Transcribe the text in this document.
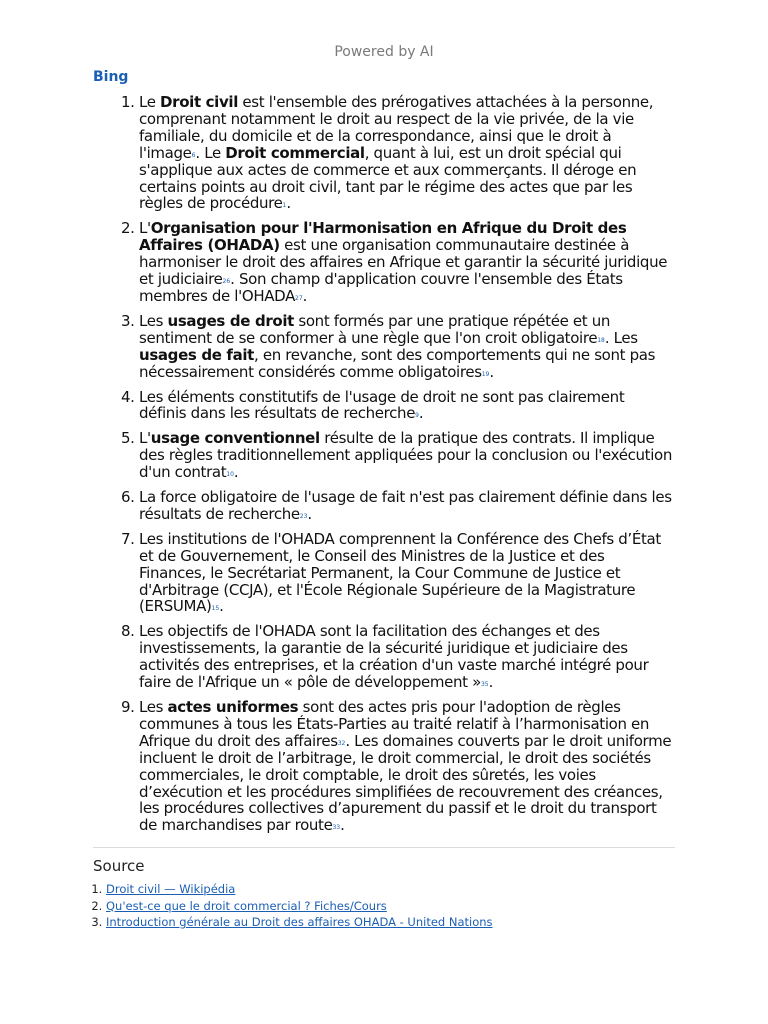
Powered by AI
Bing
1. Le Droit civil est l'ensemble des prérogatives attachées à la personne, comprenant notamment le droit au respect de la vie privée, de la vie familiale, du domicile et de la correspondance, ainsi que le droit à l'image$^6$. Le Droit commercial, quant à lui, est un droit spécial qui s'applique aux actes de commerce et aux commerçants. Il déroge en certains points au droit civil, tant par le régime des actes que par les règles de procédure$^1$.
2. L'Organisation pour l'Harmonisation en Afrique du Droit des Affaires (OHADA) est une organisation communautaire destinée à harmoniser le droit des affaires en Afrique et garantir la sécurité juridique et judiciaire$^{26}$. Son champ d'application couvre l'ensemble des États membres de l'OHADA$^{27}$.
3. Les usages de droit sont formés par une pratique répétée et un sentiment de se conformer à une règle que l'on croit obligatoire$^{18}$. Les usages de fait, en revanche, sont des comportements qui ne sont pas nécessairement considérés comme obligatoires$^{19}$.
4. Les éléments constitutifs de l'usage de droit ne sont pas clairement définis dans les résultats de recherche$^9$.
5. L'usage conventionnel résulte de la pratique des contrats. Il implique des règles traditionnellement appliquées pour la conclusion ou l'exécution d'un contrat$^{10}$.
6. La force obligatoire de l'usage de fait n'est pas clairement définie dans les résultats de recherche$^{23}$.
7. Les institutions de l'OHADA comprennent la Conférence des Chefs d’État et de Gouvernement, le Conseil des Ministres de la Justice et des Finances, le Secrétariat Permanent, la Cour Commune de Justice et d'Arbitrage (CCJA), et l'École Régionale Supérieure de la Magistrature (ERSUMA)$^{15}$.
8. Les objectifs de l'OHADA sont la facilitation des échanges et des investissements, la garantie de la sécurité juridique et judiciaire des activités des entreprises, et la création d'un vaste marché intégré pour faire de l'Afrique un « pôle de développement »$^{35}$.
9. Les actes uniformes sont des actes pris pour l'adoption de règles communes à tous les États-Parties au traité relatif à l’harmonisation en Afrique du droit des affaires$^{32}$. Les domaines couverts par le droit uniforme incluent le droit de l’arbitrage, le droit commercial, le droit des sociétés commerciales, le droit comptable, le droit des sûretés, les voies d’exécution et les procédures simplifiées de recouvrement des créances, les procédures collectives d’apurement du passif et le droit du transport de marchandises par route$^{33}$.
Source
1. Droit civil — Wikipédia
2. Qu'est-ce que le droit commercial ? Fiches/Cours
3. Introduction générale au Droit des affaires OHADA - United Nations
